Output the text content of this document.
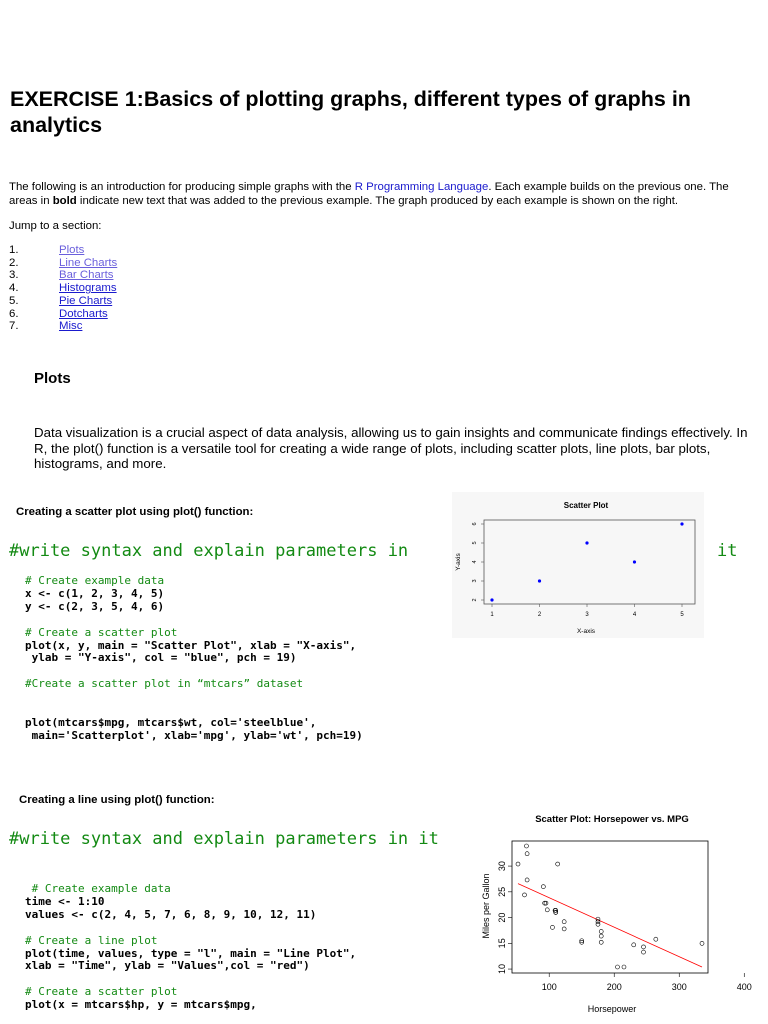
EXERCISE 1:Basics of plotting graphs, different types of graphs in analytics
The following is an introduction for producing simple graphs with the R Programming Language. Each example builds on the previous one. The areas in bold indicate new text that was added to the previous example. The graph produced by each example is shown on the right.
Jump to a section:
1.	Plots
2.	Line Charts
3.	Bar Charts
4.	Histograms
5.	Pie Charts
6.	Dotcharts
7.	Misc
Plots
Data visualization is a crucial aspect of data analysis, allowing us to gain insights and communicate findings effectively. In R, the plot() function is a versatile tool for creating a wide range of plots, including scatter plots, line plots, bar plots, histograms, and more.
Creating a scatter plot using plot() function:
#write syntax and explain parameters in	it
# Create example data
x <- c(1, 2, 3, 4, 5)
y <- c(2, 3, 5, 4, 6)

# Create a scatter plot
plot(x, y, main = "Scatter Plot", xlab = "X-axis",
ylab = "Y-axis", col = "blue", pch = 19)

#Create a scatter plot in “mtcars” dataset

plot(mtcars$mpg, mtcars$wt, col='steelblue',
main='Scatterplot', xlab='mpg', ylab='wt', pch=19)
Scatter Plot
1	2	3	4	5
2
3
4
5
6
X-axis
Y-axis
Creating a line using plot() function:
#write syntax and explain parameters in it
# Create example data
time <- 1:10
values <- c(2, 4, 5, 7, 6, 8, 9, 10, 12, 11)

# Create a line plot
plot(time, values, type = "l", main = "Line Plot",
xlab = "Time", ylab = "Values",col = "red")

# Create a scatter plot
plot(x = mtcars$hp, y = mtcars$mpg,
Scatter Plot: Horsepower vs. MPG
100	200	300	400
10
15
20
25
30
Horsepower
Miles per Gallon
